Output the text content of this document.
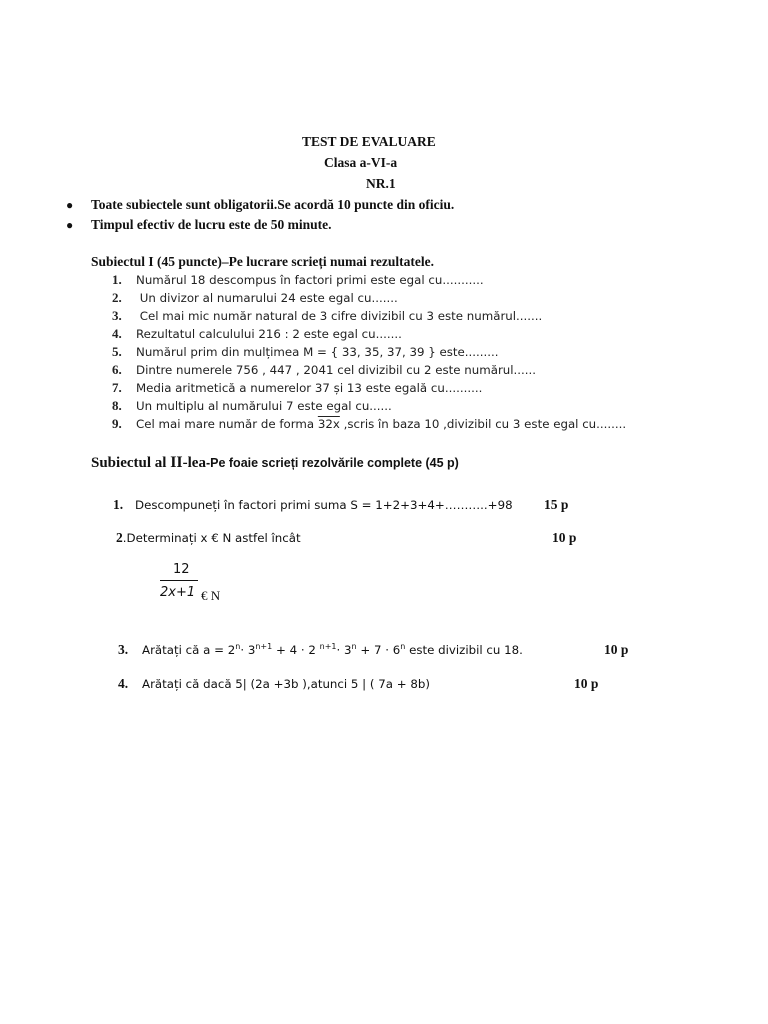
TEST DE EVALUARE
Clasa a-VI-a
NR.1
● Toate subiectele sunt obligatorii.Se acordă 10 puncte din oficiu.
● Timpul efectiv de lucru este de 50 minute.
Subiectul I (45 puncte)–Pe lucrare scrieți numai rezultatele.
1. Numărul 18 descompus în factori primi este egal cu...........
2. Un divizor al numarului 24 este egal cu.......
3. Cel mai mic număr natural de 3 cifre divizibil cu 3 este numărul.......
4. Rezultatul calculului 216 : 2 este egal cu.......
5. Numărul prim din mulțimea M = { 33, 35, 37, 39 } este.........
6. Dintre numerele 756 , 447 , 2041 cel divizibil cu 2 este numărul......
7. Media aritmetică a numerelor 37 și 13 este egală cu..........
8. Un multiplu al numărului 7 este egal cu......
9. Cel mai mare număr de forma 32x ,scris în baza 10 ,divizibil cu 3 este egal cu........
Subiectul al II-lea-Pe foaie scrieți rezolvările complete (45 p)
1. Descompuneți în factori primi suma S = 1+2+3+4+………..+98 15 p
2.Determinați x € N astfel încât	10 p
12
2x+1 € N
3. Arătați că $a = 2^n\cdot 3^{n+1} + 4 \cdot 2$ $^{n+1}\cdot 3^n + 7 \cdot 6^n$ este divizibil cu 18.	10 p
4. Arătați că dacă 5| (2a +3b ),atunci 5 | ( 7a + 8b)	10 p
